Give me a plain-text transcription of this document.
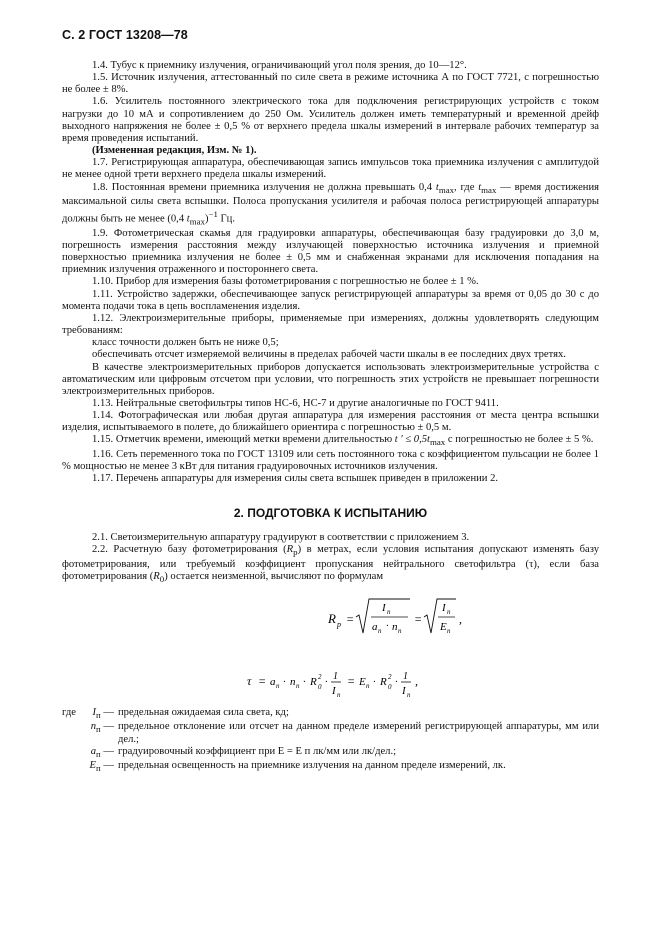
С. 2 ГОСТ 13208—78

1.4. Тубус к приемнику излучения, ограничивающий угол поля зрения, до 10—12°.

1.5. Источник излучения, аттестованный по силе света в режиме источника А по ГОСТ 7721, с погрешностью не более ± 8%.

1.6. Усилитель постоянного электрического тока для подключения регистрирующих устройств с током нагрузки до 10 мА и сопротивлением до 250 Ом. Усилитель должен иметь температурный и временной дрейф выходного напряжения не более ± 0,5 % от верхнего предела шкалы измерений в интервале рабочих температур за время проведения испытаний.

(Измененная редакция, Изм. № 1).

1.7. Регистрирующая аппаратура, обеспечивающая запись импульсов тока приемника излучения с амплитудой не менее одной трети верхнего предела шкалы измерений.

1.8. Постоянная времени приемника излучения не должна превышать 0,4 $t_{max}$, где $t_{max}$ — время достижения максимальной силы света вспышки. Полоса пропускания усилителя и рабочая полоса регистрирующей аппаратуры должны быть не менее (0,4 $t_{max})^{-1}$ Гц.

1.9. Фотометрическая скамья для градуировки аппаратуры, обеспечивающая базу градуировки до 3,0 м, погрешность измерения расстояния между излучающей поверхностью источника излучения и приемной поверхностью приемника излучения не более ± 0,5 мм и снабженная экранами для исключения попадания на приемник излучения отраженного и постороннего света.

1.10. Прибор для измерения базы фотометрирования с погрешностью не более ± 1 %.

1.11. Устройство задержки, обеспечивающее запуск регистрирующей аппаратуры за время от 0,05 до 30 с до момента подачи тока в цепь воспламенения изделия.

1.12. Электроизмерительные приборы, применяемые при измерениях, должны удовлетворять следующим требованиям:

класс точности должен быть не ниже 0,5;

обеспечивать отсчет измеряемой величины в пределах рабочей части шкалы в ее последних двух третях.

В качестве электроизмерительных приборов допускается использовать электроизмерительные устройства с автоматическим или цифровым отсчетом при условии, что погрешность этих устройств не превышает погрешности электроизмерительных приборов.

1.13. Нейтральные светофильтры типов НС-6, НС-7 и другие аналогичные по ГОСТ 9411.

1.14. Фотографическая или любая другая аппаратура для измерения расстояния от места центра вспышки изделия, испытываемого в полете, до ближайшего ориентира с погрешностью ± 0,5 м.

1.15. Отметчик времени, имеющий метки времени длительностью t ′ ≤ $0,5t_{max}$ с погрешностью не более ± 5 %.

1.16. Сеть переменного тока по ГОСТ 13109 или сеть постоянного тока с коэффициентом пульсации не более 1 % мощностью не менее 3 кВт для питания градуировочных источников излучения.

1.17. Перечень аппаратуры для измерения силы света вспышек приведен в приложении 2.

2. ПОДГОТОВКА К ИСПЫТАНИЮ

2.1. Светоизмерительную аппаратуру градуируют в соответствии с приложением 3.

2.2. Расчетную базу фотометрирования $(R_р)$ в метрах, если условия испытания допускают изменять базу фотометрирования, или требуемый коэффициент пропускания нейтрального светофильтра (τ), если база фотометрирования $(R_0)$ остается неизменной, вычисляют по формулам

R р =
I п
a п · n п
=
I п
E п
,
τ = a п · n п · R 2
0 ·
1
I п
= E п · R 2
0 ·
1
I п
,
где $I_п$ — предельная ожидаемая сила света, кд;
$n_п$ — предельное отклонение или отсчет на данном пределе измерений регистрирующей аппаратуры, мм или дел.;
$a_п$ — градуировочный коэффициент при E = E п лк/мм или лк/дел.;
$E_п$ — предельная освещенность на приемнике излучения на данном пределе измерений, лк.
